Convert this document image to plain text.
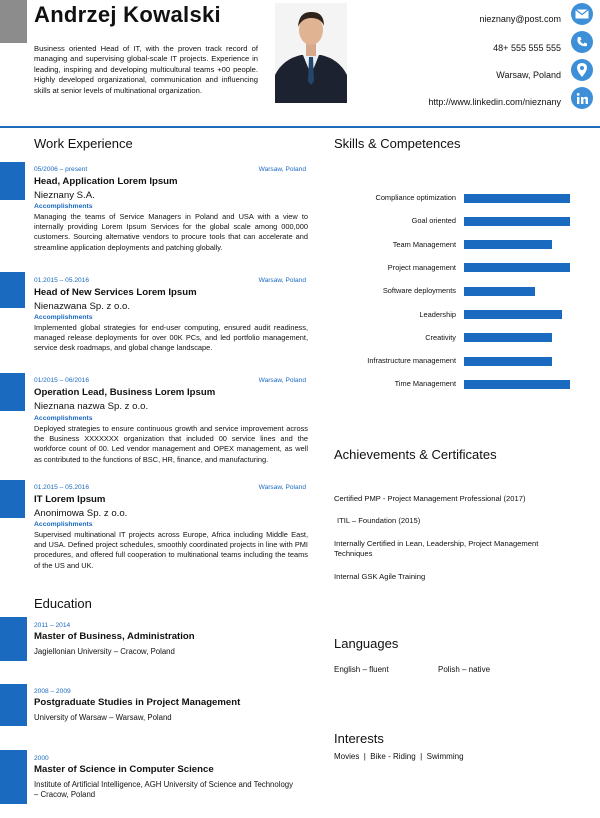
Andrzej Kowalski
Business oriented Head of IT, with the proven track record of managing and supervising global-scale IT projects. Experience in leading, inspiring and developing multicultural teams +00 people. Highly developed organizational, communication and influencing skills at senior levels of multinational organization.
nieznany@post.com
48+ 555 555 555
Warsaw, Poland
http://www.linkedin.com/nieznany
Work Experience
05/2006 – present	Warsaw, Poland
Head, Application Lorem Ipsum
Nieznany S.A.
Accomplishments
Managing the teams of Service Managers in Poland and USA with a view to internally providing Lorem Ipsum Services for the global scale among 000,000 customers. Sourcing alternative vendors to procure tools that can accelerate and streamline application deployments and patching globally.
01.2015 – 05.2016	Warsaw, Poland
Head of New Services Lorem Ipsum
Nienazwana Sp. z o.o.
Accomplishments
Implemented global strategies for end-user computing, ensured audit readiness, managed release deployments for over 00K PCs, and led portfolio management, service desk roadmaps, and global change landscape.
01/2015 – 06/2016	Warsaw, Poland
Operation Lead, Business Lorem Ipsum
Nieznana nazwa Sp. z o.o.
Accomplishments
Deployed strategies to ensure continuous growth and service improvement across the Business XXXXXXX organization that included 00 service lines and the workforce count of 00. Led vendor management and OPEX management, as well as contributed to the functions of BSC, HR, finance, and manufacturing.
01.2015 – 05.2016	Warsaw, Poland
IT Lorem Ipsum
Anonimowa Sp. z o.o.
Accomplishments
Supervised multinational IT projects across Europe, Africa including Middle East, and USA. Defined project schedules, smoothly coordinated projects in line with PMI procedures, and offered full cooperation to multinational teams including the teams of the US and UK.
Skills & Competences
Compliance optimization
Goal oriented
Team Management
Project management
Software deployments
Leadership
Creativity
Infrastructure management
Time Management
Achievements & Certificates
Certified PMP - Project Management Professional (2017)
ITIL – Foundation (2015)
Internally Certified in Lean, Leadership, Project Management Techniques
Internal GSK Agile Training
Education
2011 – 2014
Master of Business, Administration
Jagiellonian University – Cracow, Poland
2008 – 2009
Postgraduate Studies in Project Management
University of Warsaw – Warsaw, Poland
2000
Master of Science in Computer Science
Institute of Artificial Intelligence, AGH University of Science and Technology – Cracow, Poland
Languages
English – fluent	Polish – native
Interests
Movies  |  Bike - Riding  |  Swimming
